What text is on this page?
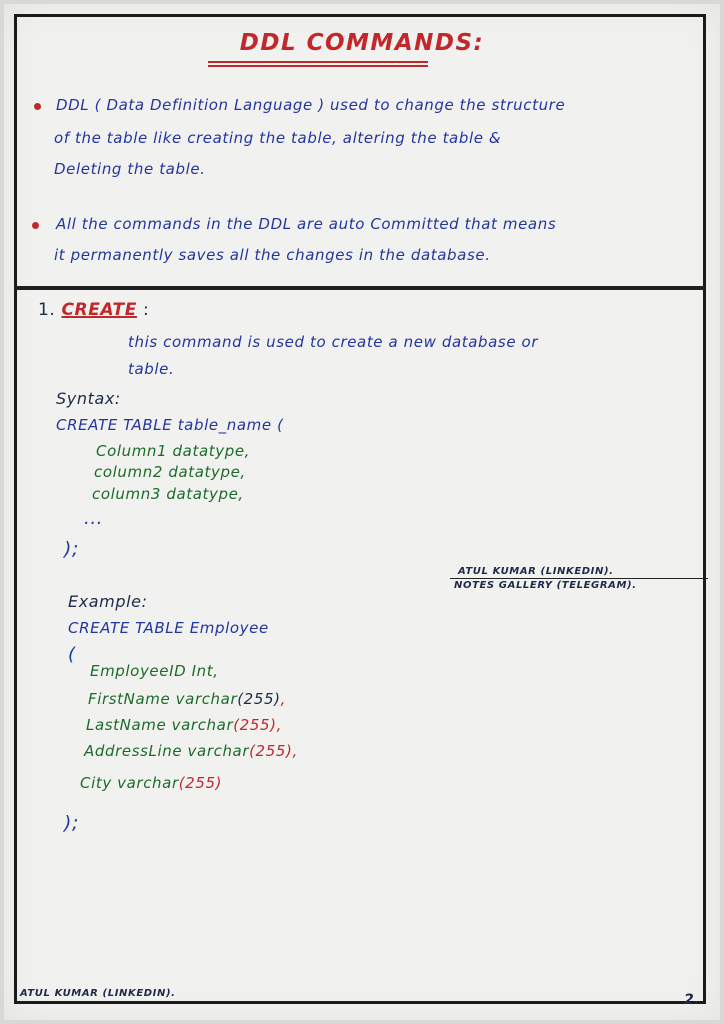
DDL COMMANDS:
DDL ( Data Definition Language ) used to change the structure
of the table like creating the table, altering the table &
Deleting the table.
All the commands in the DDL are auto Committed that means
it permanently saves all the changes in the database.
1. CREATE :
this command is used to create a new database or
table.
Syntax:
CREATE TABLE table_name (
Column1 datatype,
column2 datatype,
column3 datatype,
...
);
ATUL KUMAR (LINKEDIN).
NOTES GALLERY (TELEGRAM).
Example:
CREATE TABLE Employee
(
EmployeeID Int,
FirstName varchar(255),
LastName varchar(255),
AddressLine varchar(255),
City varchar(255)
);
ATUL KUMAR (LINKEDIN).	2.
